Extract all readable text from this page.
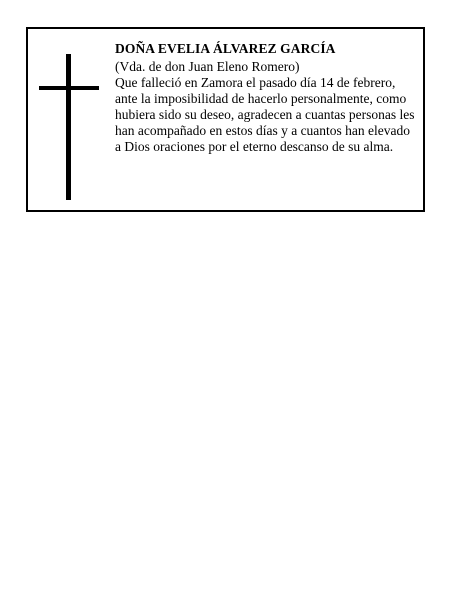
DOÑA EVELIA ÁLVAREZ GARCÍA

(Vda. de don Juan Eleno Romero)

Que falleció en Zamora el pasado día 14 de febrero,
ante la imposibilidad de hacerlo personalmente, como
hubiera sido su deseo, agradecen a cuantas personas les
han acompañado en estos días y a cuantos han elevado
a Dios oraciones por el eterno descanso de su alma.
